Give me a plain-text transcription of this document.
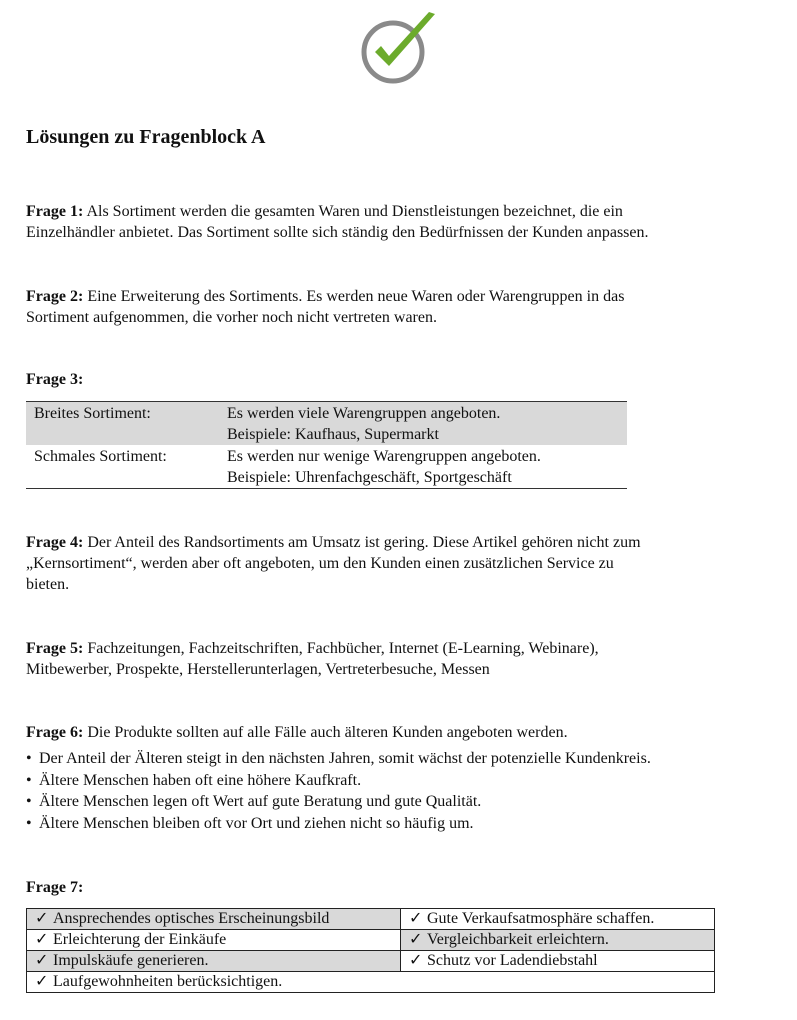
Lösungen zu Fragenblock A

Frage 1: Als Sortiment werden die gesamten Waren und Dienstleistungen bezeichnet, die ein
Einzelhändler anbietet. Das Sortiment sollte sich ständig den Bedürfnissen der Kunden anpassen.

Frage 2: Eine Erweiterung des Sortiments. Es werden neue Waren oder Warengruppen in das
Sortiment aufgenommen, die vorher noch nicht vertreten waren.

Frage 3:
Breites Sortiment:	Es werden viele Warengruppen angeboten.
Beispiele: Kaufhaus, Supermarkt
Schmales Sortiment:	Es werden nur wenige Warengruppen angeboten.
Beispiele: Uhrenfachgeschäft, Sportgeschäft

Frage 4: Der Anteil des Randsortiments am Umsatz ist gering. Diese Artikel gehören nicht zum
„Kernsortiment“, werden aber oft angeboten, um den Kunden einen zusätzlichen Service zu
bieten.

Frage 5: Fachzeitungen, Fachzeitschriften, Fachbücher, Internet (E-Learning, Webinare),
Mitbewerber, Prospekte, Herstellerunterlagen, Vertreterbesuche, Messen

Frage 6: Die Produkte sollten auf alle Fälle auch älteren Kunden angeboten werden.

• Der Anteil der Älteren steigt in den nächsten Jahren, somit wächst der potenzielle Kundenkreis.
• Ältere Menschen haben oft eine höhere Kaufkraft.
• Ältere Menschen legen oft Wert auf gute Beratung und gute Qualität.
• Ältere Menschen bleiben oft vor Ort und ziehen nicht so häufig um.
Frage 7:
✓ Ansprechendes optisches Erscheinungsbild	✓ Gute Verkaufsatmosphäre schaffen.
✓ Erleichterung der Einkäufe	✓ Vergleichbarkeit erleichtern.
✓ Impulskäufe generieren.	✓ Schutz vor Ladendiebstahl
✓ Laufgewohnheiten berücksichtigen.	
